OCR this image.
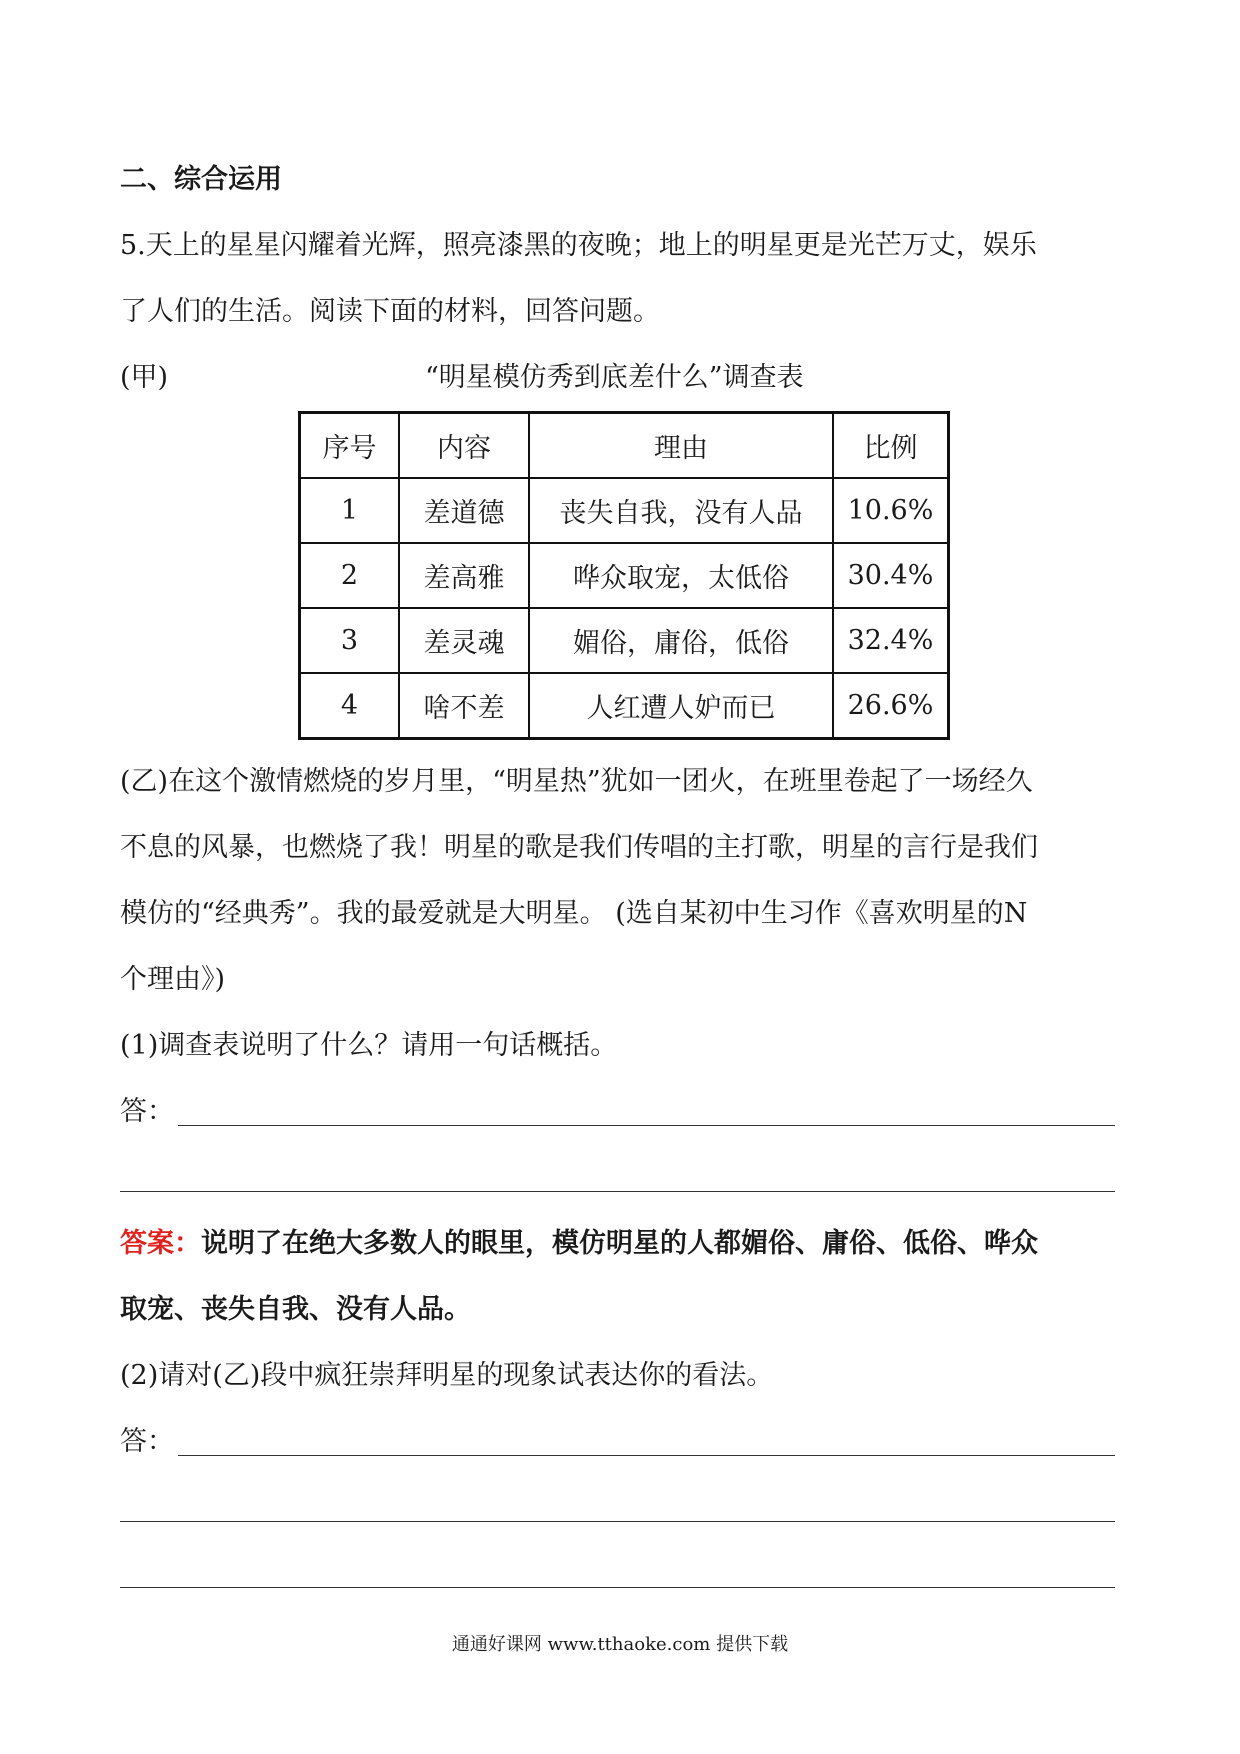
二、综合运用
5.天上的星星闪耀着光辉，照亮漆黑的夜晚；地上的明星更是光芒万丈，娱乐
了人们的生活。阅读下面的材料，回答问题。
(甲)	“明星模仿秀到底差什么”调查表
序号	内容	理由	比例
1	差道德	丧失自我，没有人品	10.6%
2	差高雅	哗众取宠，太低俗	30.4%
3	差灵魂	媚俗，庸俗，低俗	32.4%
4	啥不差	人红遭人妒而已	26.6%
(乙)在这个激情燃烧的岁月里，“明星热”犹如一团火，在班里卷起了一场经久
不息的风暴，也燃烧了我！明星的歌是我们传唱的主打歌，明星的言行是我们
模仿的“经典秀”。我的最爱就是大明星。 (选自某初中生习作《喜欢明星的N
个理由》)
(1)调查表说明了什么？请用一句话概括。
答：
答案：说明了在绝大多数人的眼里，模仿明星的人都媚俗、庸俗、低俗、哗众
取宠、丧失自我、没有人品。
(2)请对(乙)段中疯狂崇拜明星的现象试表达你的看法。
答：
通通好课网 www.tthaoke.com 提供下载
